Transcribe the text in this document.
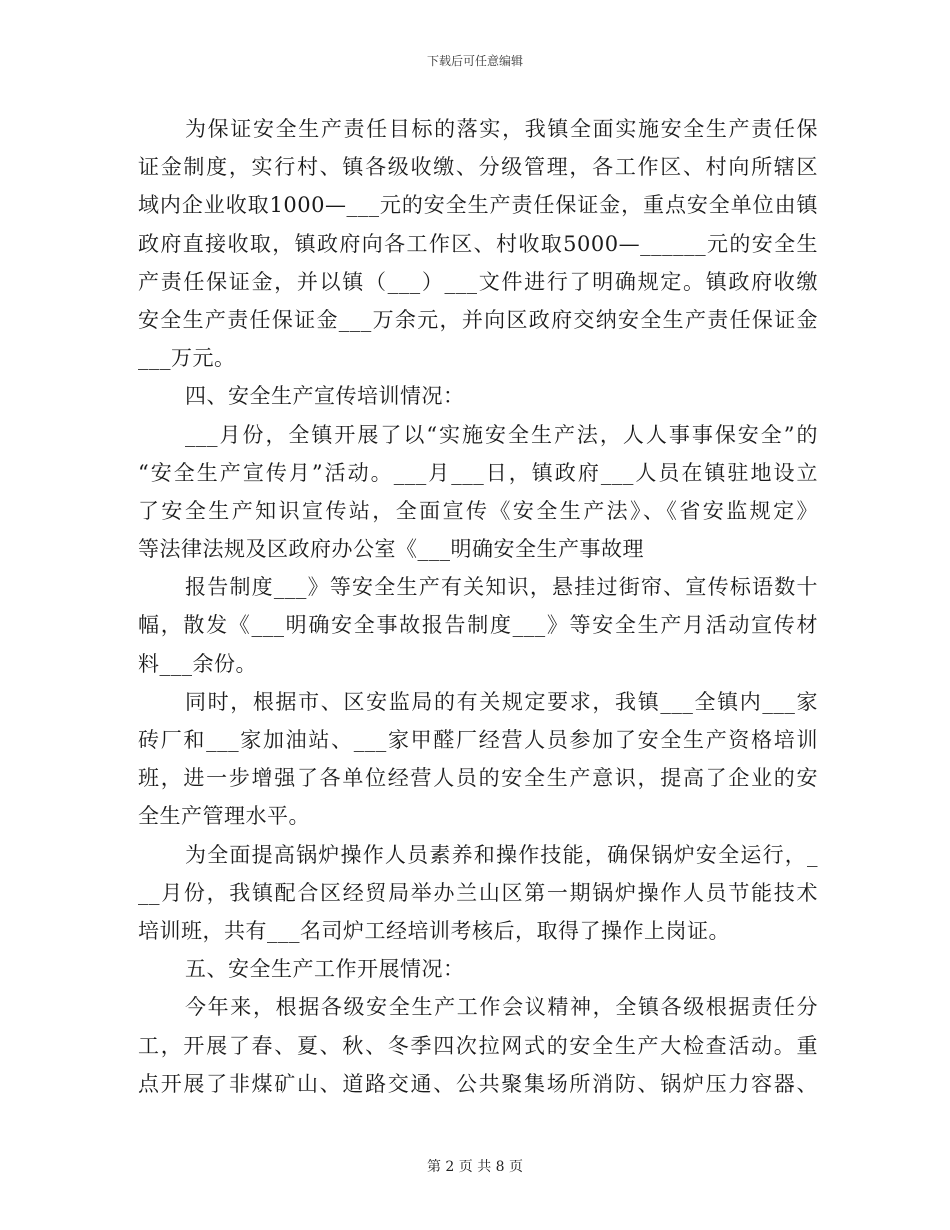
下载后可任意编辑
为保证安全生产责任目标的落实，我镇全面实施安全生产责任保
证金制度，实行村、镇各级收缴、分级管理，各工作区、村向所辖区
域内企业收取1000—___元的安全生产责任保证金，重点安全单位由镇
政府直接收取，镇政府向各工作区、村收取5000—______元的安全生
产责任保证金，并以镇（___）___文件进行了明确规定。镇政府收缴
安全生产责任保证金___万余元，并向区政府交纳安全生产责任保证金
___万元。
四、安全生产宣传培训情况：
___月份，全镇开展了以“实施安全生产法，人人事事保安全”的
“安全生产宣传月”活动。___月___日，镇政府___人员在镇驻地设立
了安全生产知识宣传站，全面宣传《安全生产法》、《省安监规定》
等法律法规及区政府办公室《___明确安全生产事故理
报告制度___》等安全生产有关知识，悬挂过街帘、宣传标语数十
幅，散发《___明确安全事故报告制度___》等安全生产月活动宣传材
料___余份。
同时，根据市、区安监局的有关规定要求，我镇___全镇内___家
砖厂和___家加油站、___家甲醛厂经营人员参加了安全生产资格培训
班，进一步增强了各单位经营人员的安全生产意识，提高了企业的安
全生产管理水平。
为全面提高锅炉操作人员素养和操作技能，确保锅炉安全运行，_
__月份，我镇配合区经贸局举办兰山区第一期锅炉操作人员节能技术
培训班，共有___名司炉工经培训考核后，取得了操作上岗证。
五、安全生产工作开展情况：
今年来，根据各级安全生产工作会议精神，全镇各级根据责任分
工，开展了春、夏、秋、冬季四次拉网式的安全生产大检查活动。重
点开展了非煤矿山、道路交通、公共聚集场所消防、锅炉压力容器、
第 2 页 共 8 页
